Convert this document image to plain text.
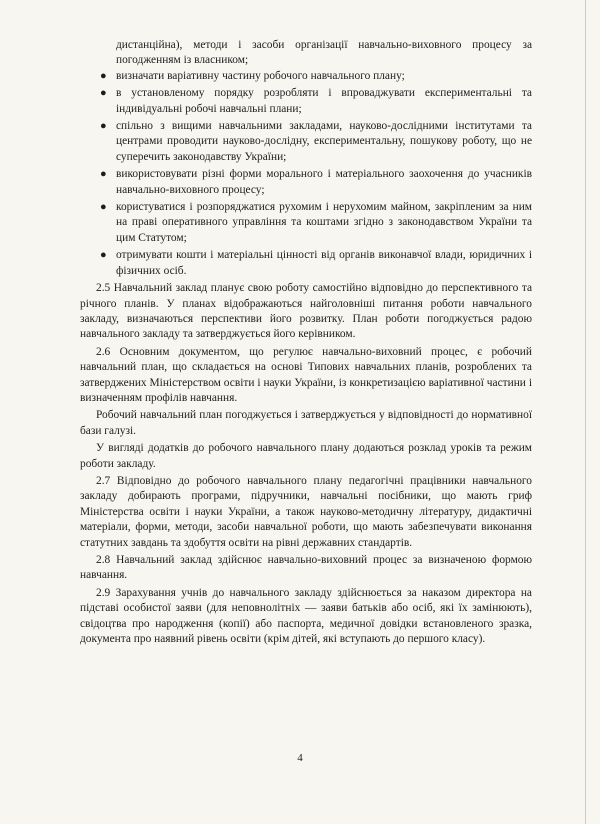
дистанційна), методи і засоби організації навчально-виховного процесу за погодженням із власником;

● визначати варіативну частину робочого навчального плану;
● в установленому порядку розробляти і впроваджувати експериментальні та індивідуальні робочі навчальні плани;
● спільно з вищими навчальними закладами, науково-дослідними інститутами та центрами проводити науково-дослідну, експериментальну, пошукову роботу, що не суперечить законодавству України;
● використовувати різні форми морального і матеріального заохочення до учасників навчально-виховного процесу;
● користуватися і розпоряджатися рухомим і нерухомим майном, закріпленим за ним на праві оперативного управління та коштами згідно з законодавством України та цим Статутом;
● отримувати кошти і матеріальні цінності від органів виконавчої влади, юридичних і фізичних осіб.

2.5 Навчальний заклад планує свою роботу самостійно відповідно до перспективного та річного планів. У планах відображаються найголовніші питання роботи навчального закладу, визначаються перспективи його розвитку. План роботи погоджується радою навчального закладу та затверджується його керівником.

2.6 Основним документом, що регулює навчально-виховний процес, є робочий навчальний план, що складається на основі Типових навчальних планів, розроблених та затверджених Міністерством освіти і науки України, із конкретизацією варіативної частини і визначенням профілів навчання.

Робочий навчальний план погоджується і затверджується у відповідності до нормативної бази галузі.

У вигляді додатків до робочого навчального плану додаються розклад уроків та режим роботи закладу.

2.7 Відповідно до робочого навчального плану педагогічні працівники навчального закладу добирають програми, підручники, навчальні посібники, що мають гриф Міністерства освіти і науки України, а також науково-методичну літературу, дидактичні матеріали, форми, методи, засоби навчальної роботи, що мають забезпечувати виконання статутних завдань та здобуття освіти на рівні державних стандартів.

2.8 Навчальний заклад здійснює навчально-виховний процес за визначеною формою навчання.

2.9 Зарахування учнів до навчального закладу здійснюється за наказом директора на підставі особистої заяви (для неповнолітніх — заяви батьків або осіб, які їх замінюють), свідоцтва про народження (копії) або паспорта, медичної довідки встановленого зразка, документа про наявний рівень освіти (крім дітей, які вступають до першого класу).

4
